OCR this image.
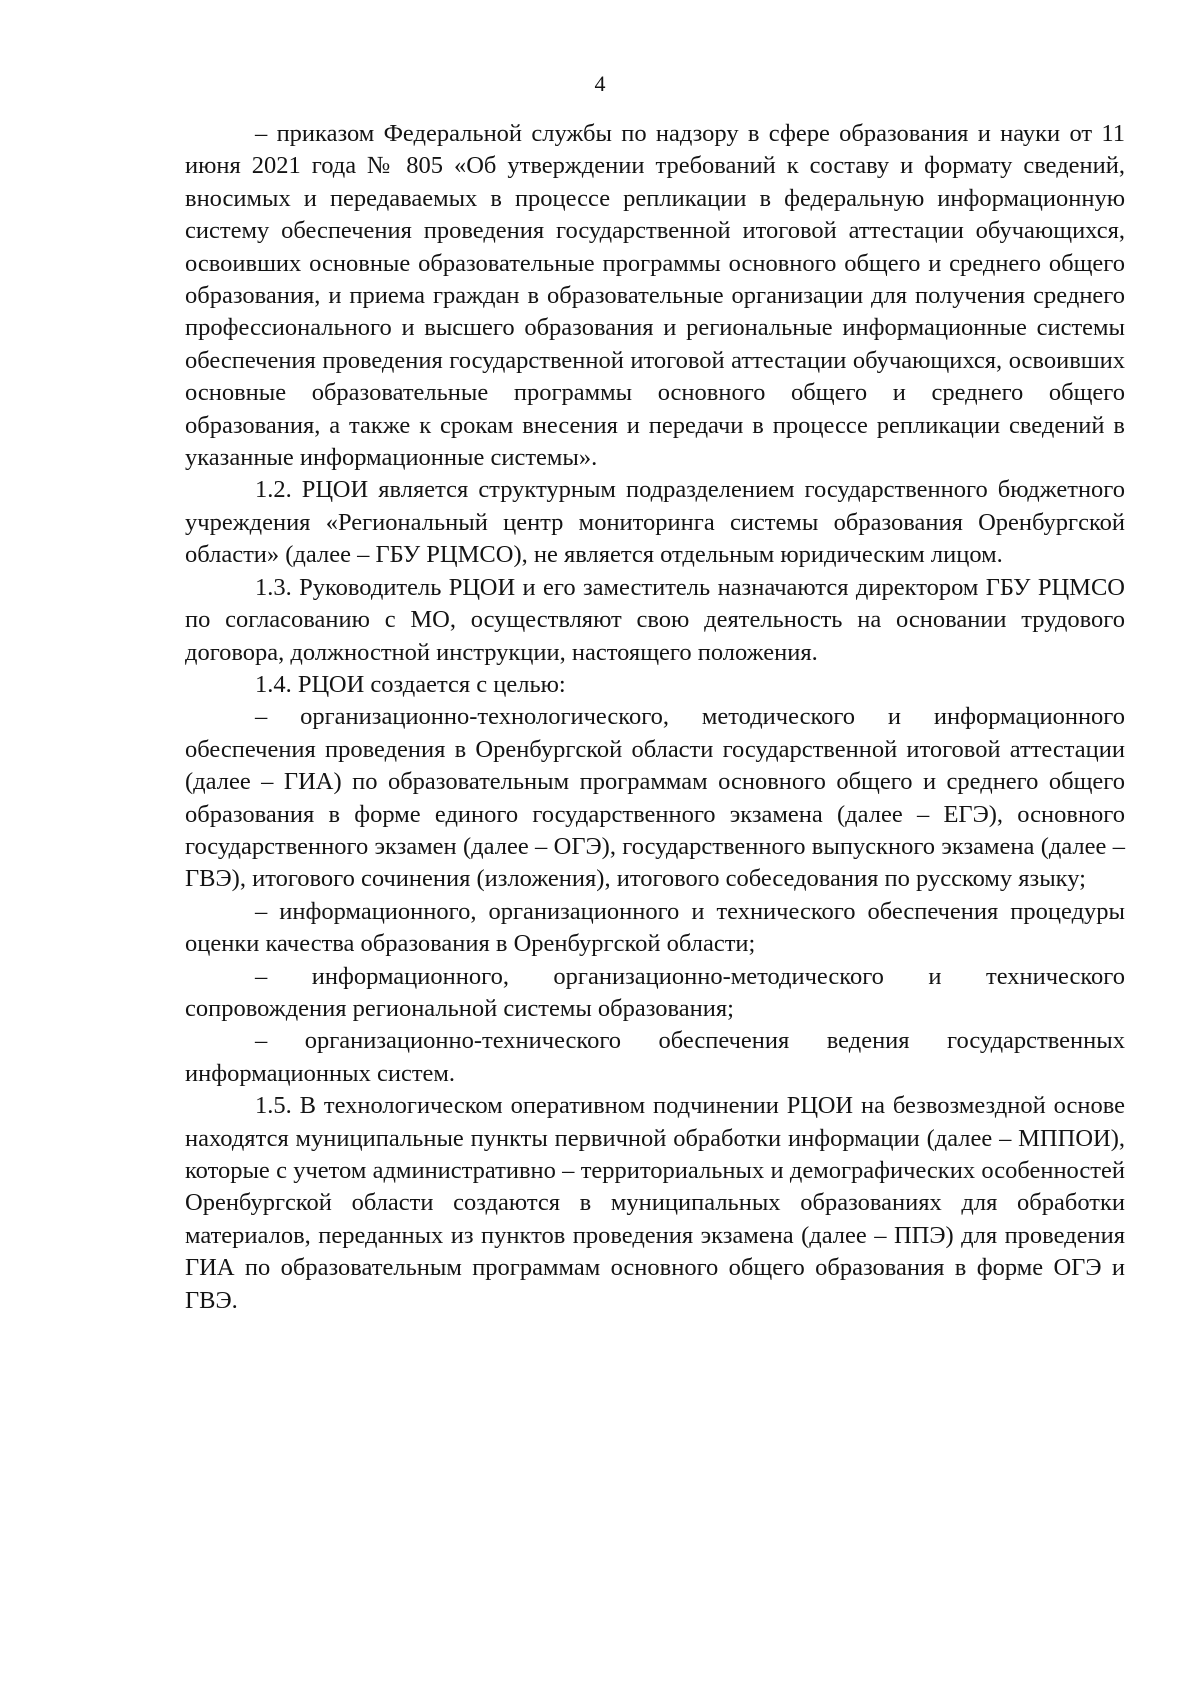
4

– приказом Федеральной службы по надзору в сфере образования и науки от 11 июня 2021 года № 805 «Об утверждении требований к составу и формату сведений, вносимых и передаваемых в процессе репликации в федеральную информационную систему обеспечения проведения государственной итоговой аттестации обучающихся, освоивших основные образовательные программы основного общего и среднего общего образования, и приема граждан в образовательные организации для получения среднего профессионального и высшего образования и региональные информационные системы обеспечения проведения государственной итоговой аттестации обучающихся, освоивших основные образовательные программы основного общего и среднего общего образования, а также к срокам внесения и передачи в процессе репликации сведений в указанные информационные системы».

1.2. РЦОИ является структурным подразделением государственного бюджетного учреждения «Региональный центр мониторинга системы образования Оренбургской области» (далее – ГБУ РЦМСО), не является отдельным юридическим лицом.

1.3. Руководитель РЦОИ и его заместитель назначаются директором ГБУ РЦМСО по согласованию с МО, осуществляют свою деятельность на основании трудового договора, должностной инструкции, настоящего положения.

1.4. РЦОИ создается с целью:

– организационно-технологического, методического и информационного обеспечения проведения в Оренбургской области государственной итоговой аттестации (далее – ГИА) по образовательным программам основного общего и среднего общего образования в форме единого государственного экзамена (далее – ЕГЭ), основного государственного экзамен (далее – ОГЭ), государственного выпускного экзамена (далее – ГВЭ), итогового сочинения (изложения), итогового собеседования по русскому языку;

– информационного, организационного и технического обеспечения процедуры оценки качества образования в Оренбургской области;

– информационного, организационно-методического и технического сопровождения региональной системы образования;

– организационно-технического обеспечения ведения государственных информационных систем.

1.5. В технологическом оперативном подчинении РЦОИ на безвозмездной основе находятся муниципальные пункты первичной обработки информации (далее – МППОИ), которые с учетом административно – территориальных и демографических особенностей Оренбургской области создаются в муниципальных образованиях для обработки материалов, переданных из пунктов проведения экзамена (далее – ППЭ) для проведения ГИА по образовательным программам основного общего образования в форме ОГЭ и ГВЭ.
